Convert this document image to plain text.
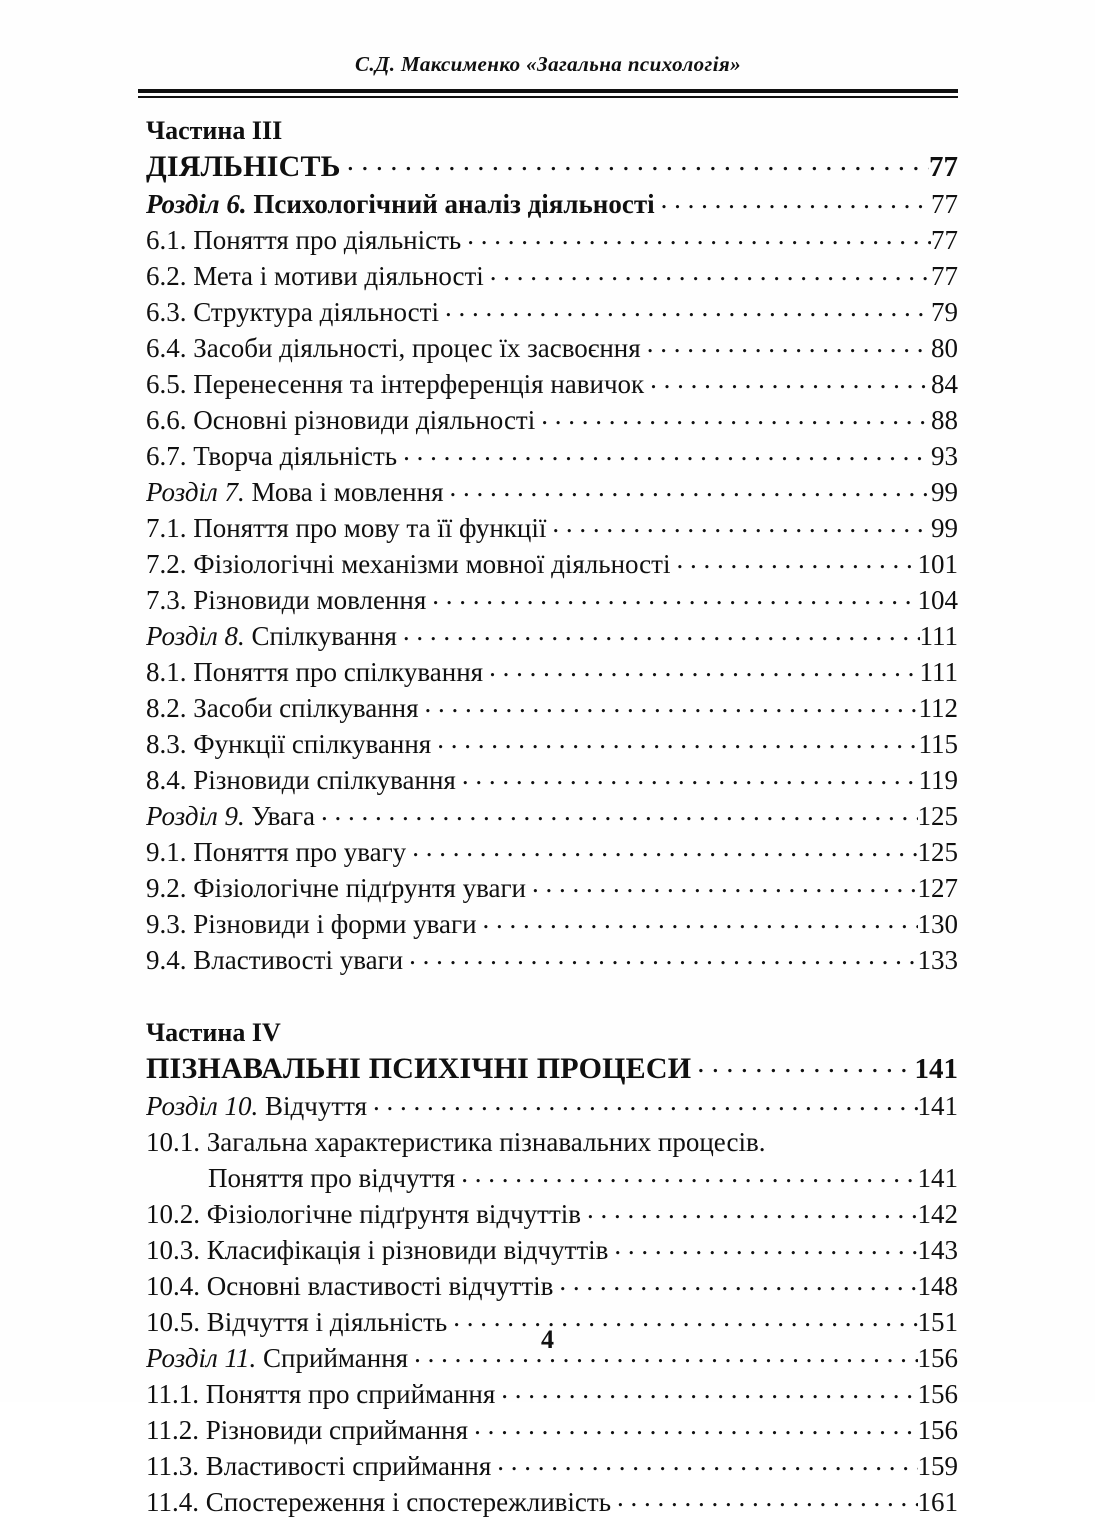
С.Д. Максименко «Загальна психологія»
Частина III
ДІЯЛЬНІСТЬ . . .	77
Розділ 6. Психологічний аналіз діяльності . . .	77
6.1. Поняття про діяльність . . .	77
6.2. Мета і мотиви діяльності . . .	77
6.3. Структура діяльності . . .	79
6.4. Засоби діяльності, процес їх засвоєння . . .	80
6.5. Перенесення та інтерференція навичок . . .	84
6.6. Основні різновиди діяльності . . .	88
6.7. Творча діяльність . . .	93
Розділ 7. Мова і мовлення . . .	99
7.1. Поняття про мову та її функції . . .	99
7.2. Фізіологічні механізми мовної діяльності . . .	101
7.3. Різновиди мовлення . . .	104
Розділ 8. Спілкування . . .	111
8.1. Поняття про спілкування . . .	111
8.2. Засоби спілкування . . .	112
8.3. Функції спілкування . . .	115
8.4. Різновиди спілкування . . .	119
Розділ 9. Увага . . .	125
9.1. Поняття про увагу . . .	125
9.2. Фізіологічне підґрунтя уваги . . .	127
9.3. Різновиди і форми уваги . . .	130
9.4. Властивості уваги . . .	133
Частина IV
ПІЗНАВАЛЬНІ ПСИХІЧНІ ПРОЦЕСИ . . .	141
Розділ 10. Відчуття . . .	141
10.1. Загальна характеристика пізнавальних процесів.
Поняття про відчуття . . .	141
10.2. Фізіологічне підґрунтя відчуттів . . .	142
10.3. Класифікація і різновиди відчуттів . . .	143
10.4. Основні властивості відчуттів . . .	148
10.5. Відчуття і діяльність . . .	151
Розділ 11. Сприймання . . .	156
11.1. Поняття про сприймання . . .	156
11.2. Різновиди сприймання . . .	156
11.3. Властивості сприймання . . .	159
11.4. Спостереження і спостережливість . . .	161
4
